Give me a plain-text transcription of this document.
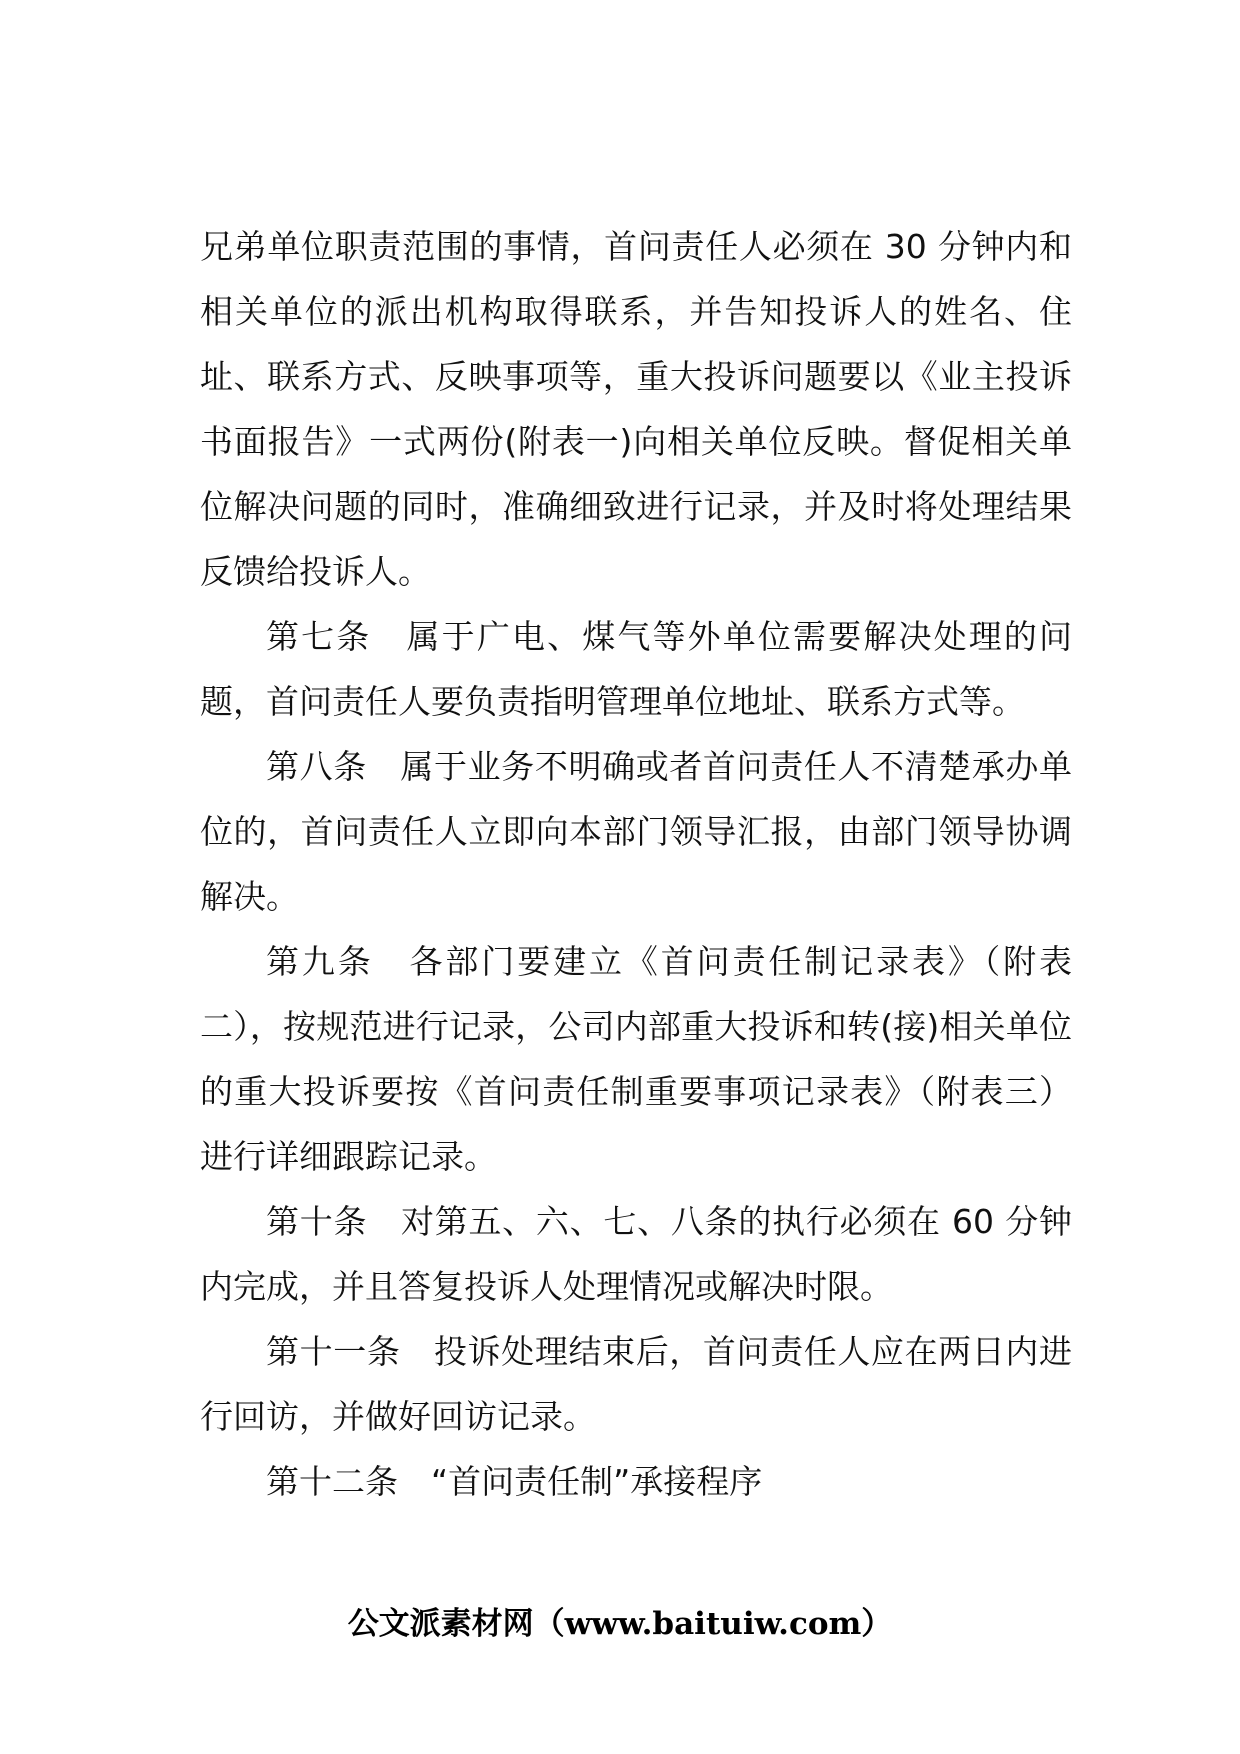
兄弟单位职责范围的事情，首问责任人必须在 30 分钟内和相关单位的派出机构取得联系，并告知投诉人的姓名、住址、联系方式、反映事项等，重大投诉问题要以《业主投诉书面报告》一式两份(附表一)向相关单位反映。督促相关单位解决问题的同时，准确细致进行记录，并及时将处理结果反馈给投诉人。

第七条　属于广电、煤气等外单位需要解决处理的问题，首问责任人要负责指明管理单位地址、联系方式等。

第八条　属于业务不明确或者首问责任人不清楚承办单位的，首问责任人立即向本部门领导汇报，由部门领导协调解决。

第九条　各部门要建立《首问责任制记录表》（附表二），按规范进行记录，公司内部重大投诉和转(接)相关单位的重大投诉要按《首问责任制重要事项记录表》（附表三）进行详细跟踪记录。

第十条　对第五、六、七、八条的执行必须在 60 分钟内完成，并且答复投诉人处理情况或解决时限。

第十一条　投诉处理结束后，首问责任人应在两日内进行回访，并做好回访记录。

第十二条　“首问责任制”承接程序

公文派素材网（www.baituiw.com）
